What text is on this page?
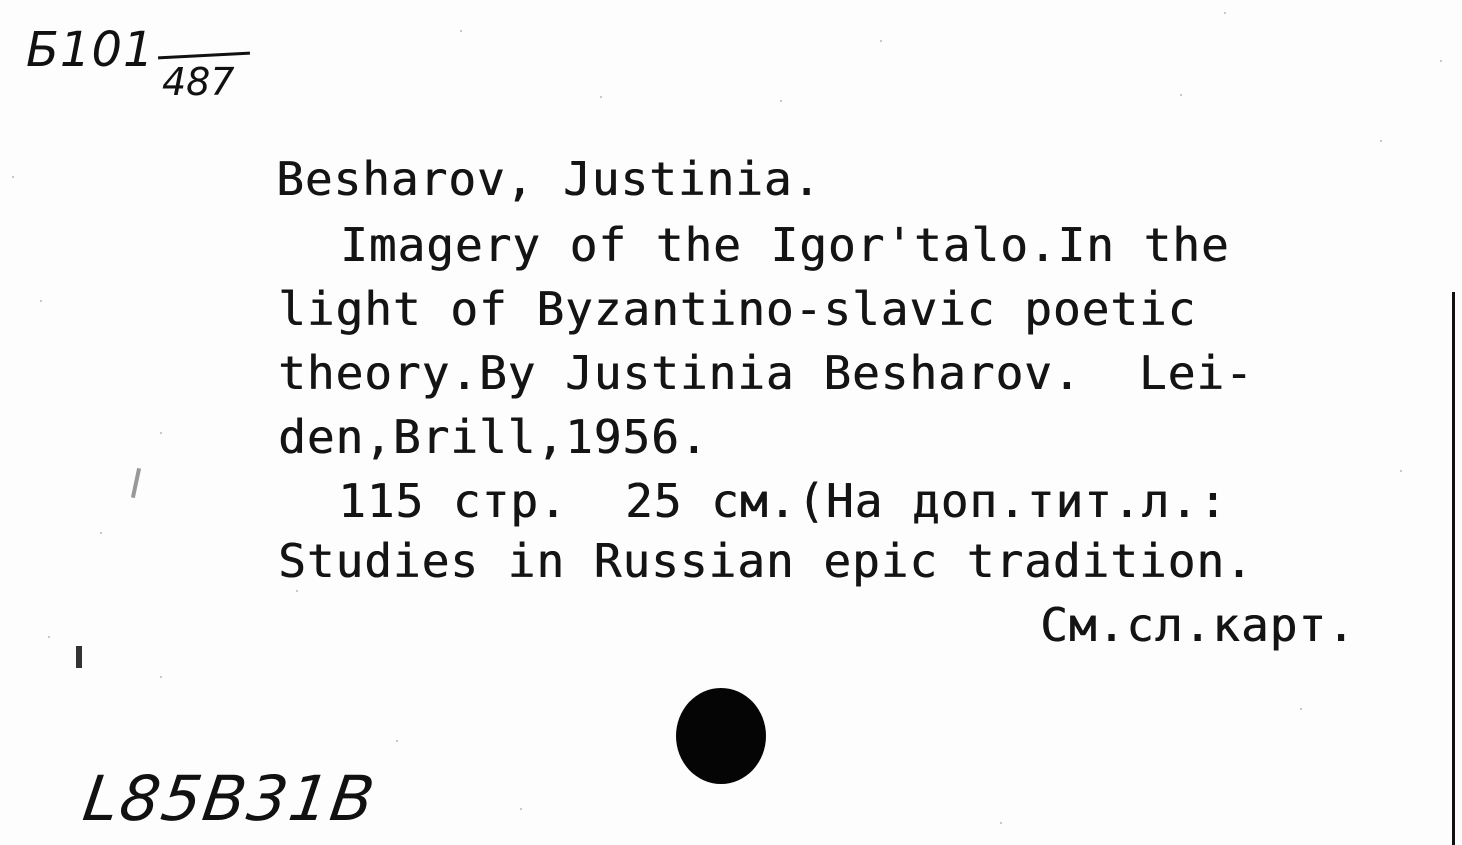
Б101
487
Besharov, Justinia.
Imagery of the Igor'talo.In the
light of Byzantino-slavic poetic
theory.By Justinia Besharov.  Lei-
den,Brill,1956.
115 стр.  25 см.(На доп.тит.л.:
Studies in Russian epic tradition.
См.сл.карт.
L85B31B
